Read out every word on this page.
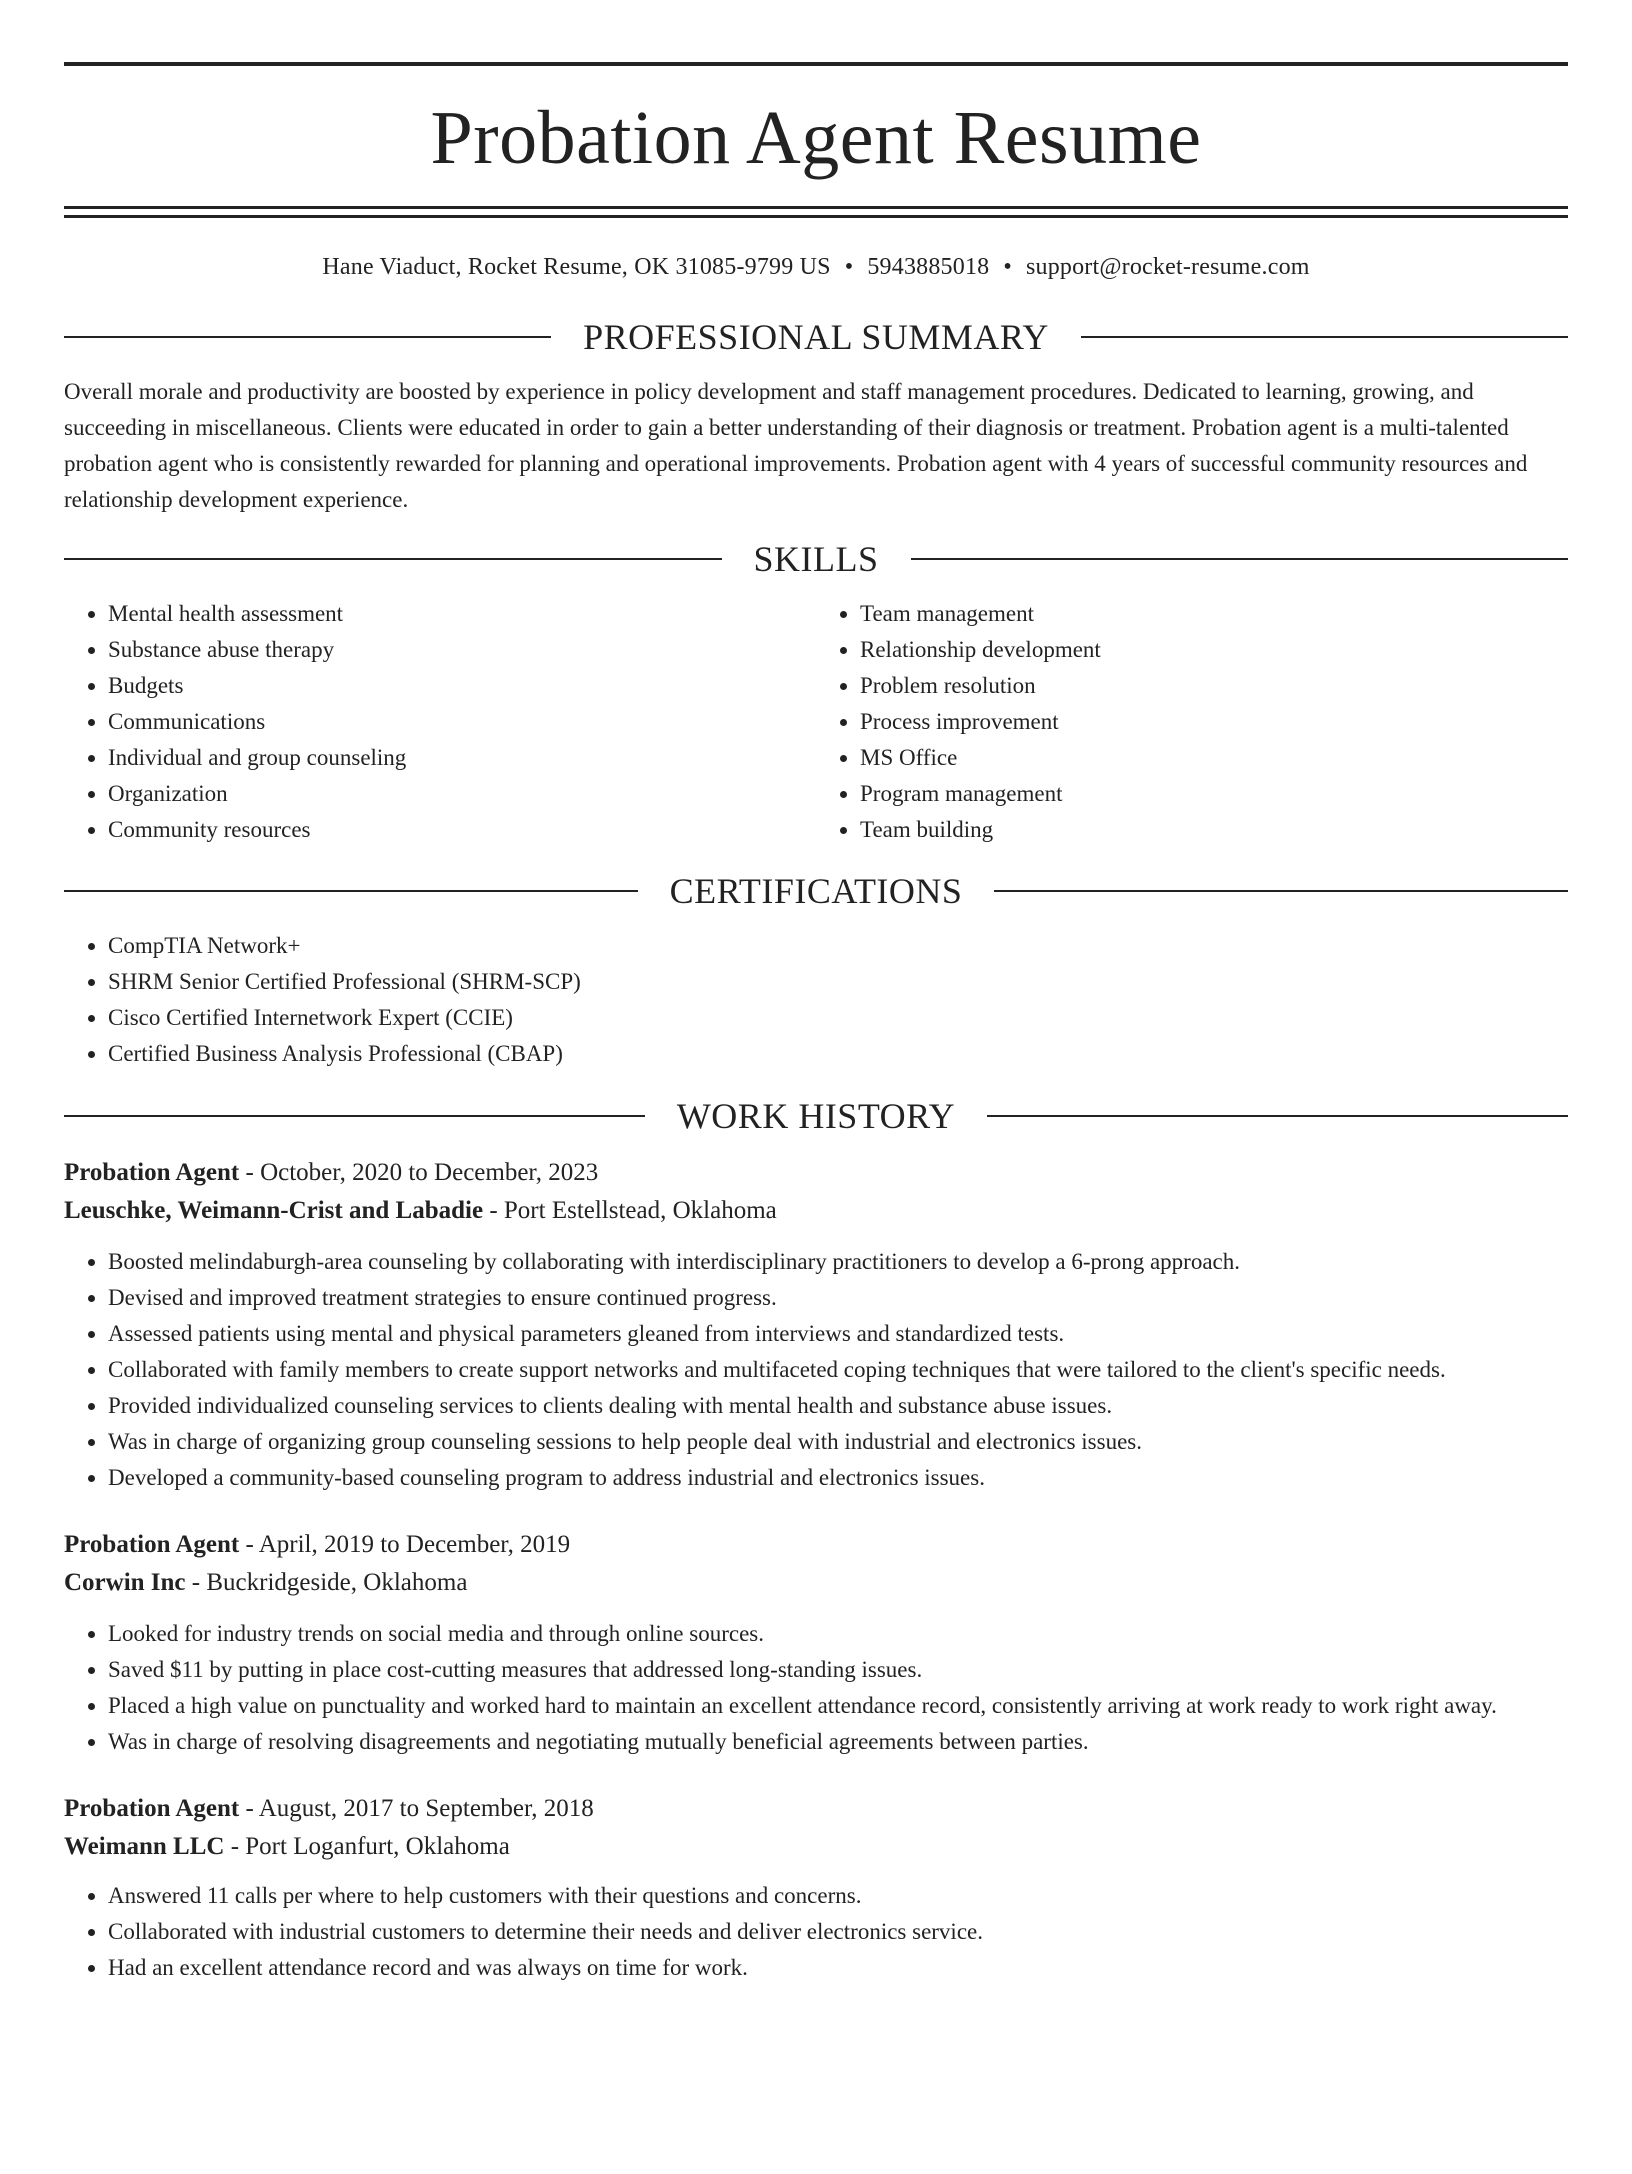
Probation Agent Resume
Hane Viaduct, Rocket Resume, OK 31085-9799 US • 5943885018 • support@rocket-resume.com
PROFESSIONAL SUMMARY

Overall morale and productivity are boosted by experience in policy development and staff management procedures. Dedicated to learning, growing, and succeeding in miscellaneous. Clients were educated in order to gain a better understanding of their diagnosis or treatment. Probation agent is a multi-talented probation agent who is consistently rewarded for planning and operational improvements. Probation agent with 4 years of successful community resources and relationship development experience.

SKILLS
• Mental health assessment
• Substance abuse therapy
• Budgets
• Communications
• Individual and group counseling
• Organization
• Community resources
• Team management
• Relationship development
• Problem resolution
• Process improvement
• MS Office
• Program management
• Team building
CERTIFICATIONS
• CompTIA Network+
• SHRM Senior Certified Professional (SHRM-SCP)
• Cisco Certified Internetwork Expert (CCIE)
• Certified Business Analysis Professional (CBAP)
WORK HISTORY
Probation Agent - October, 2020 to December, 2023
Leuschke, Weimann-Crist and Labadie - Port Estellstead, Oklahoma
• Boosted melindaburgh-area counseling by collaborating with interdisciplinary practitioners to develop a 6-prong approach.
• Devised and improved treatment strategies to ensure continued progress.
• Assessed patients using mental and physical parameters gleaned from interviews and standardized tests.
• Collaborated with family members to create support networks and multifaceted coping techniques that were tailored to the client's specific needs.
• Provided individualized counseling services to clients dealing with mental health and substance abuse issues.
• Was in charge of organizing group counseling sessions to help people deal with industrial and electronics issues.
• Developed a community-based counseling program to address industrial and electronics issues.
Probation Agent - April, 2019 to December, 2019
Corwin Inc - Buckridgeside, Oklahoma
• Looked for industry trends on social media and through online sources.
• Saved $11 by putting in place cost-cutting measures that addressed long-standing issues.
• Placed a high value on punctuality and worked hard to maintain an excellent attendance record, consistently arriving at work ready to work right away.
• Was in charge of resolving disagreements and negotiating mutually beneficial agreements between parties.
Probation Agent - August, 2017 to September, 2018
Weimann LLC - Port Loganfurt, Oklahoma
• Answered 11 calls per where to help customers with their questions and concerns.
• Collaborated with industrial customers to determine their needs and deliver electronics service.
• Had an excellent attendance record and was always on time for work.
